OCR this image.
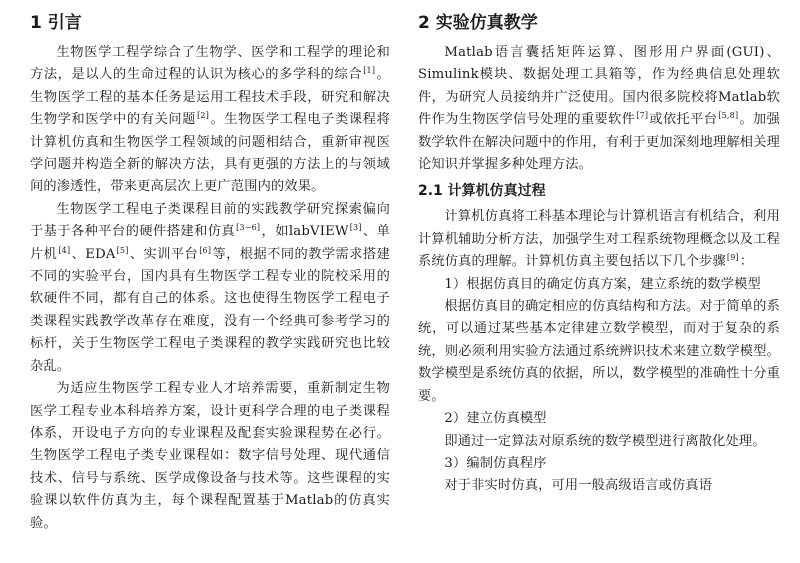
1 引言

生物医学工程学综合了生物学、医学和工程学的理论和方法，是以人的生命过程的认识为核心的多学科的综合[1]。生物医学工程的基本任务是运用工程技术手段，研究和解决生物学和医学中的有关问题[2]。生物医学工程电子类课程将计算机仿真和生物医学工程领域的问题相结合，重新审视医学问题并构造全新的解决方法，具有更强的方法上的与领域间的渗透性，带来更高层次上更广范围内的效果。

生物医学工程电子类课程目前的实践教学研究探索偏向于基于各种平台的硬件搭建和仿真[3−6]，如labVIEW[3]、单片机[4]、EDA[5]、实训平台[6]等，根据不同的教学需求搭建不同的实验平台，国内具有生物医学工程专业的院校采用的软硬件不同，都有自己的体系。这也使得生物医学工程电子类课程实践教学改革存在难度，没有一个经典可参考学习的标杆，关于生物医学工程电子类课程的教学实践研究也比较杂乱。

为适应生物医学工程专业人才培养需要，重新制定生物医学工程专业本科培养方案，设计更科学合理的电子类课程体系，开设电子方向的专业课程及配套实验课程势在必行。生物医学工程电子类专业课程如：数字信号处理、现代通信技术、信号与系统、医学成像设备与技术等。这些课程的实验课以软件仿真为主，每个课程配置基于Matlab的仿真实验。

2 实验仿真教学

Matlab语言囊括矩阵运算、图形用户界面(GUI)、Simulink模块、数据处理工具箱等，作为经典信息处理软件，为研究人员接纳并广泛使用。国内很多院校将Matlab软件作为生物医学信号处理的重要软件[7]或依托平台[5,8]。加强数学软件在解决问题中的作用，有利于更加深刻地理解相关理论知识并掌握多种处理方法。

2.1 计算机仿真过程

计算机仿真将工科基本理论与计算机语言有机结合，利用计算机辅助分析方法，加强学生对工程系统物理概念以及工程系统仿真的理解。计算机仿真主要包括以下几个步骤[9]：

1）根据仿真目的确定仿真方案，建立系统的数学模型

根据仿真目的确定相应的仿真结构和方法。对于简单的系统，可以通过某些基本定律建立数学模型，而对于复杂的系统，则必须利用实验方法通过系统辨识技术来建立数学模型。数学模型是系统仿真的依据，所以，数学模型的准确性十分重要。

2）建立仿真模型

即通过一定算法对原系统的数学模型进行离散化处理。

3）编制仿真程序

对于非实时仿真，可用一般高级语言或仿真语
